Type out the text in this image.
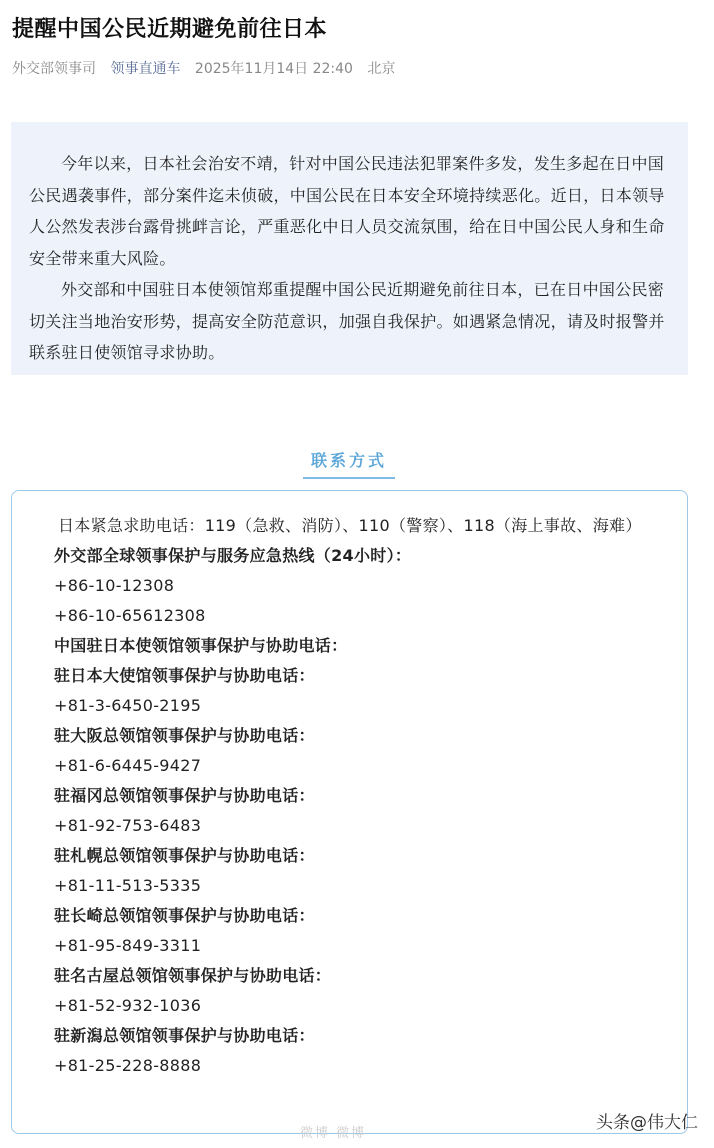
提醒中国公民近期避免前往日本
外交部领事司 领事直通车 2025年11月14日 22:40 北京

今年以来，日本社会治安不靖，针对中国公民违法犯罪案件多发，发生多起在日中国公民遇袭事件，部分案件迄未侦破，中国公民在日本安全环境持续恶化。近日，日本领导人公然发表涉台露骨挑衅言论，严重恶化中日人员交流氛围，给在日中国公民人身和生命安全带来重大风险。

外交部和中国驻日本使领馆郑重提醒中国公民近期避免前往日本，已在日中国公民密切关注当地治安形势，提高安全防范意识，加强自我保护。如遇紧急情况，请及时报警并联系驻日使领馆寻求协助。

联系方式

日本紧急求助电话：119（急救、消防）、110（警察）、118（海上事故、海难）

外交部全球领事保护与服务应急热线（24小时）：

+86-10-12308

+86-10-65612308

中国驻日本使领馆领事保护与协助电话：

驻日本大使馆领事保护与协助电话：

+81-3-6450-2195

驻大阪总领馆领事保护与协助电话：

+81-6-6445-9427

驻福冈总领馆领事保护与协助电话：

+81-92-753-6483

驻札幌总领馆领事保护与协助电话：

+81-11-513-5335

驻长崎总领馆领事保护与协助电话：

+81-95-849-3311

驻名古屋总领馆领事保护与协助电话：

+81-52-932-1036

驻新潟总领馆领事保护与协助电话：

+81-25-228-8888

微博 微博
头条@伟大仁
